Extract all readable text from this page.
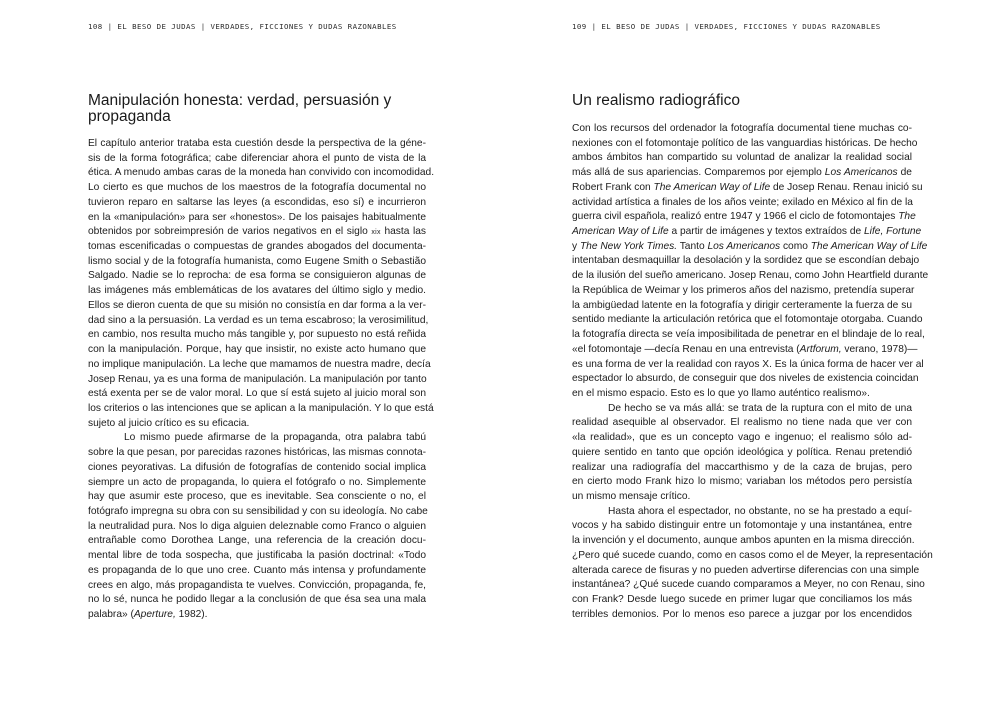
108 | EL BESO DE JUDAS | VERDADES, FICCIONES Y DUDAS RAZONABLES
Manipulación honesta: verdad, persuasión y propaganda
El capítulo anterior trataba esta cuestión desde la perspectiva de la géne-
sis de la forma fotográfica; cabe diferenciar ahora el punto de vista de la
ética. A menudo ambas caras de la moneda han convivido con incomodidad.
Lo cierto es que muchos de los maestros de la fotografía documental no
tuvieron reparo en saltarse las leyes (a escondidas, eso sí) e incurrieron
en la «manipulación» para ser «honestos». De los paisajes habitualmente
obtenidos por sobreimpresión de varios negativos en el siglo xix hasta las
tomas escenificadas o compuestas de grandes abogados del documenta-
lismo social y de la fotografía humanista, como Eugene Smith o Sebastião
Salgado. Nadie se lo reprocha: de esa forma se consiguieron algunas de
las imágenes más emblemáticas de los avatares del último siglo y medio.
Ellos se dieron cuenta de que su misión no consistía en dar forma a la ver-
dad sino a la persuasión. La verdad es un tema escabroso; la verosimilitud,
en cambio, nos resulta mucho más tangible y, por supuesto no está reñida
con la manipulación. Porque, hay que insistir, no existe acto humano que
no implique manipulación. La leche que mamamos de nuestra madre, decía
Josep Renau, ya es una forma de manipulación. La manipulación por tanto
está exenta per se de valor moral. Lo que sí está sujeto al juicio moral son
los criterios o las intenciones que se aplican a la manipulación. Y lo que está
sujeto al juicio crítico es su eficacia.
Lo mismo puede afirmarse de la propaganda, otra palabra tabú
sobre la que pesan, por parecidas razones históricas, las mismas connota-
ciones peyorativas. La difusión de fotografías de contenido social implica
siempre un acto de propaganda, lo quiera el fotógrafo o no. Simplemente
hay que asumir este proceso, que es inevitable. Sea consciente o no, el
fotógrafo impregna su obra con su sensibilidad y con su ideología. No cabe
la neutralidad pura. Nos lo diga alguien deleznable como Franco o alguien
entrañable como Dorothea Lange, una referencia de la creación docu-
mental libre de toda sospecha, que justificaba la pasión doctrinal: «Todo
es propaganda de lo que uno cree. Cuanto más intensa y profundamente
crees en algo, más propagandista te vuelves. Convicción, propaganda, fe,
no lo sé, nunca he podido llegar a la conclusión de que ésa sea una mala
palabra» (Aperture, 1982).
109 | EL BESO DE JUDAS | VERDADES, FICCIONES Y DUDAS RAZONABLES
Un realismo radiográfico
Con los recursos del ordenador la fotografía documental tiene muchas co-
nexiones con el fotomontaje político de las vanguardias históricas. De hecho
ambos ámbitos han compartido su voluntad de analizar la realidad social
más allá de sus apariencias. Comparemos por ejemplo Los Americanos de
Robert Frank con The American Way of Life de Josep Renau. Renau inició su
actividad artística a finales de los años veinte; exilado en México al fin de la
guerra civil española, realizó entre 1947 y 1966 el ciclo de fotomontajes The
American Way of Life a partir de imágenes y textos extraídos de Life, Fortune
y The New York Times. Tanto Los Americanos como The American Way of Life
intentaban desmaquillar la desolación y la sordidez que se escondían debajo
de la ilusión del sueño americano. Josep Renau, como John Heartfield durante
la República de Weimar y los primeros años del nazismo, pretendía superar
la ambigüedad latente en la fotografía y dirigir certeramente la fuerza de su
sentido mediante la articulación retórica que el fotomontaje otorgaba. Cuando
la fotografía directa se veía imposibilitada de penetrar en el blindaje de lo real,
«el fotomontaje —decía Renau en una entrevista (Artforum, verano, 1978)—
es una forma de ver la realidad con rayos X. Es la única forma de hacer ver al
espectador lo absurdo, de conseguir que dos niveles de existencia coincidan
en el mismo espacio. Esto es lo que yo llamo auténtico realismo».
De hecho se va más allá: se trata de la ruptura con el mito de una
realidad asequible al observador. El realismo no tiene nada que ver con
«la realidad», que es un concepto vago e ingenuo; el realismo sólo ad-
quiere sentido en tanto que opción ideológica y política. Renau pretendió
realizar una radiografía del maccarthismo y de la caza de brujas, pero
en cierto modo Frank hizo lo mismo; variaban los métodos pero persistía
un mismo mensaje crítico.
Hasta ahora el espectador, no obstante, no se ha prestado a equí-
vocos y ha sabido distinguir entre un fotomontaje y una instantánea, entre
la invención y el documento, aunque ambos apunten en la misma dirección.
¿Pero qué sucede cuando, como en casos como el de Meyer, la representación
alterada carece de fisuras y no pueden advertirse diferencias con una simple
instantánea? ¿Qué sucede cuando comparamos a Meyer, no con Renau, sino
con Frank? Desde luego sucede en primer lugar que conciliamos los más
terribles demonios. Por lo menos eso parece a juzgar por los encendidos
